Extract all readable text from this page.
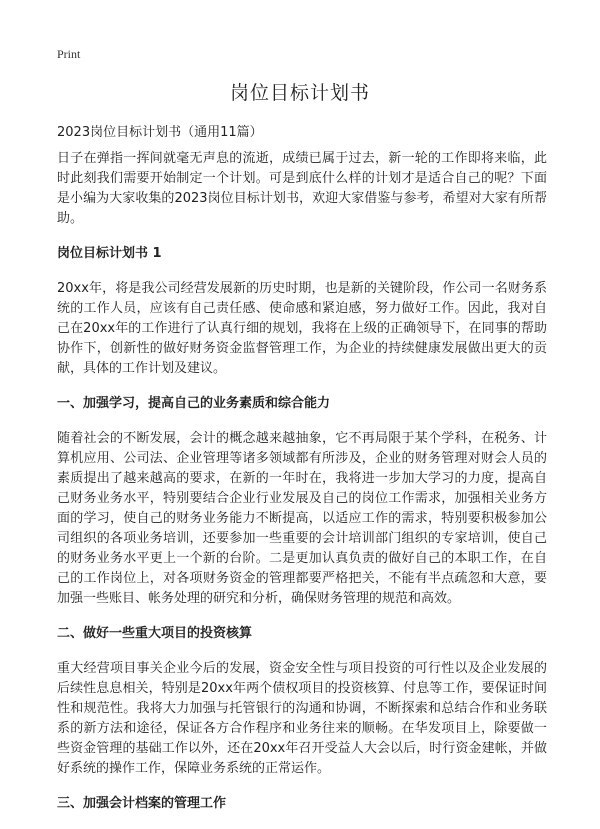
Print
岗位目标计划书
2023岗位目标计划书（通用11篇）

日子在弹指一挥间就毫无声息的流逝，成绩已属于过去，新一轮的工作即将来临，此时此刻我们需要开始制定一个计划。可是到底什么样的计划才是适合自己的呢？下面是小编为大家收集的2023岗位目标计划书，欢迎大家借鉴与参考，希望对大家有所帮助。

岗位目标计划书 1

20xx年，将是我公司经营发展新的历史时期，也是新的关键阶段，作公司一名财务系统的工作人员，应该有自己责任感、使命感和紧迫感，努力做好工作。因此，我对自己在20xx年的工作进行了认真行细的规划，我将在上级的正确领导下，在同事的帮助协作下，创新性的做好财务资金监督管理工作，为企业的持续健康发展做出更大的贡献，具体的工作计划及建议。

一、加强学习，提高自己的业务素质和综合能力

随着社会的不断发展，会计的概念越来越抽象，它不再局限于某个学科，在税务、计算机应用、公司法、企业管理等诸多领域都有所涉及，企业的财务管理对财会人员的素质提出了越来越高的要求，在新的一年时在，我将进一步加大学习的力度，提高自己财务业务水平，特别要结合企业行业发展及自己的岗位工作需求，加强相关业务方面的学习，使自己的财务业务能力不断提高，以适应工作的需求，特别要积极参加公司组织的各项业务培训，还要参加一些重要的会计培训部门组织的专家培训，使自己的财务业务水平更上一个新的台阶。二是更加认真负责的做好自己的本职工作，在自己的工作岗位上，对各项财务资金的管理都要严格把关，不能有半点疏忽和大意，要加强一些账目、帐务处理的研究和分析，确保财务管理的规范和高效。

二、做好一些重大项目的投资核算

重大经营项目事关企业今后的发展，资金安全性与项目投资的可行性以及企业发展的后续性息息相关，特别是20xx年两个债权项目的投资核算、付息等工作，要保证时间性和规范性。我将大力加强与托管银行的沟通和协调，不断探索和总结合作和业务联系的新方法和途径，保证各方合作程序和业务往来的顺畅。在华发项目上，除要做一些资金管理的基础工作以外，还在20xx年召开受益人大会以后，时行资金建帐，并做好系统的操作工作，保障业务系统的正常运作。

三、加强会计档案的管理工作
